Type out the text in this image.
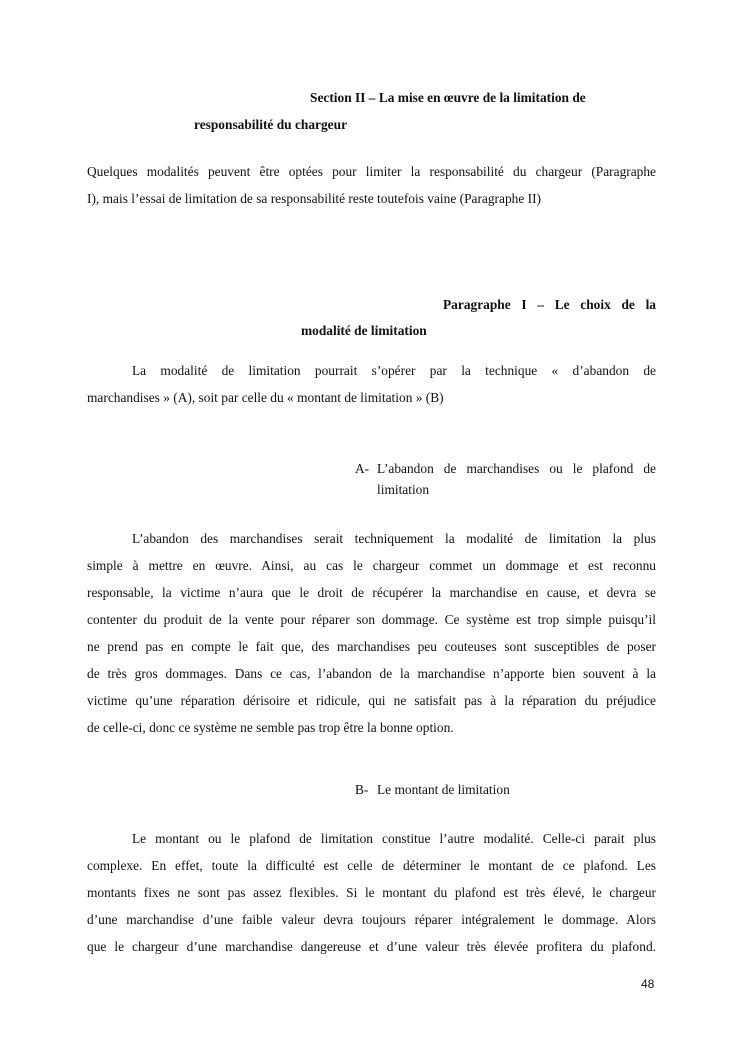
Section II – La mise en œuvre de la limitation de
responsabilité du chargeur
Quelques modalités peuvent être optées pour limiter la responsabilité du chargeur (Paragraphe
I), mais l’essai de limitation de sa responsabilité reste toutefois vaine (Paragraphe II)
Paragraphe I – Le choix de la
modalité de limitation
La modalité de limitation pourrait s’opérer par la technique « d’abandon de
marchandises » (A), soit par celle du « montant de limitation » (B)
A- L’abandon de marchandises ou le plafond de
limitation
L’abandon des marchandises serait techniquement la modalité de limitation la plus
simple à mettre en œuvre. Ainsi, au cas le chargeur commet un dommage et est reconnu
responsable, la victime n’aura que le droit de récupérer la marchandise en cause, et devra se
contenter du produit de la vente pour réparer son dommage. Ce système est trop simple puisqu’il
ne prend pas en compte le fait que, des marchandises peu couteuses sont susceptibles de poser
de très gros dommages. Dans ce cas, l’abandon de la marchandise n’apporte bien souvent à la
victime qu’une réparation dérisoire et ridicule, qui ne satisfait pas à la réparation du préjudice
de celle-ci, donc ce système ne semble pas trop être la bonne option.
B- Le montant de limitation
Le montant ou le plafond de limitation constitue l’autre modalité. Celle-ci parait plus
complexe. En effet, toute la difficulté est celle de déterminer le montant de ce plafond. Les
montants fixes ne sont pas assez flexibles. Si le montant du plafond est très élevé, le chargeur
d’une marchandise d’une faible valeur devra toujours réparer intégralement le dommage. Alors
que le chargeur d’une marchandise dangereuse et d’une valeur très élevée profitera du plafond.
48
